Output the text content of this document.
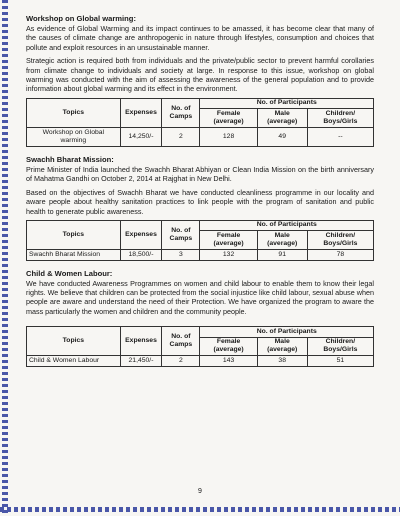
Workshop on Global warming:

As evidence of Global Warming and its impact continues to be amassed, it has become clear that many of the causes of climate change are anthropogenic in nature through lifestyles, consumption and choices that pollute and exploit resources in an unsustainable manner.

Strategic action is required both from individuals and the private/public sector to prevent harmful corollaries from climate change to individuals and society at large. In response to this issue, workshop on global warming was conducted with the aim of assessing the awareness of the general population and to provide information about global warming and its effect in the environment.

Topics	Expenses	No. of Camps	No. of Participants		
			Female (average)	Male (average)	Children/ Boys/Girls
Workshop on Global warming	14,250/-	2	128	49	--
Swachh Bharat Mission:

Prime Minister of India launched the Swachh Bharat Abhiyan or Clean India Mission on the birth anniversary of Mahatma Gandhi on October 2, 2014 at Rajghat in New Delhi.

Based on the objectives of Swachh Bharat we have conducted cleanliness programme in our locality and aware people about healthy sanitation practices to link people with the program of sanitation and public health to generate public awareness.

Topics	Expenses	No. of Camps	No. of Participants		
			Female (average)	Male (average)	Children/ Boys/Girls
Swachh Bharat Mission	18,500/-	3	132	91	78
Child & Women Labour:

We have conducted Awareness Programmes on women and child labour to enable them to know their legal rights. We believe that children can be protected from the social injustice like child labour, sexual abuse when people are aware and understand the need of their Protection. We have organized the program to aware the mass particularly the women and children and the community people.

Topics	Expenses	No. of Camps	No. of Participants		
			Female (average)	Male (average)	Children/ Boys/Girls
Child & Women Labour	21,450/-	2	143	38	51
9
